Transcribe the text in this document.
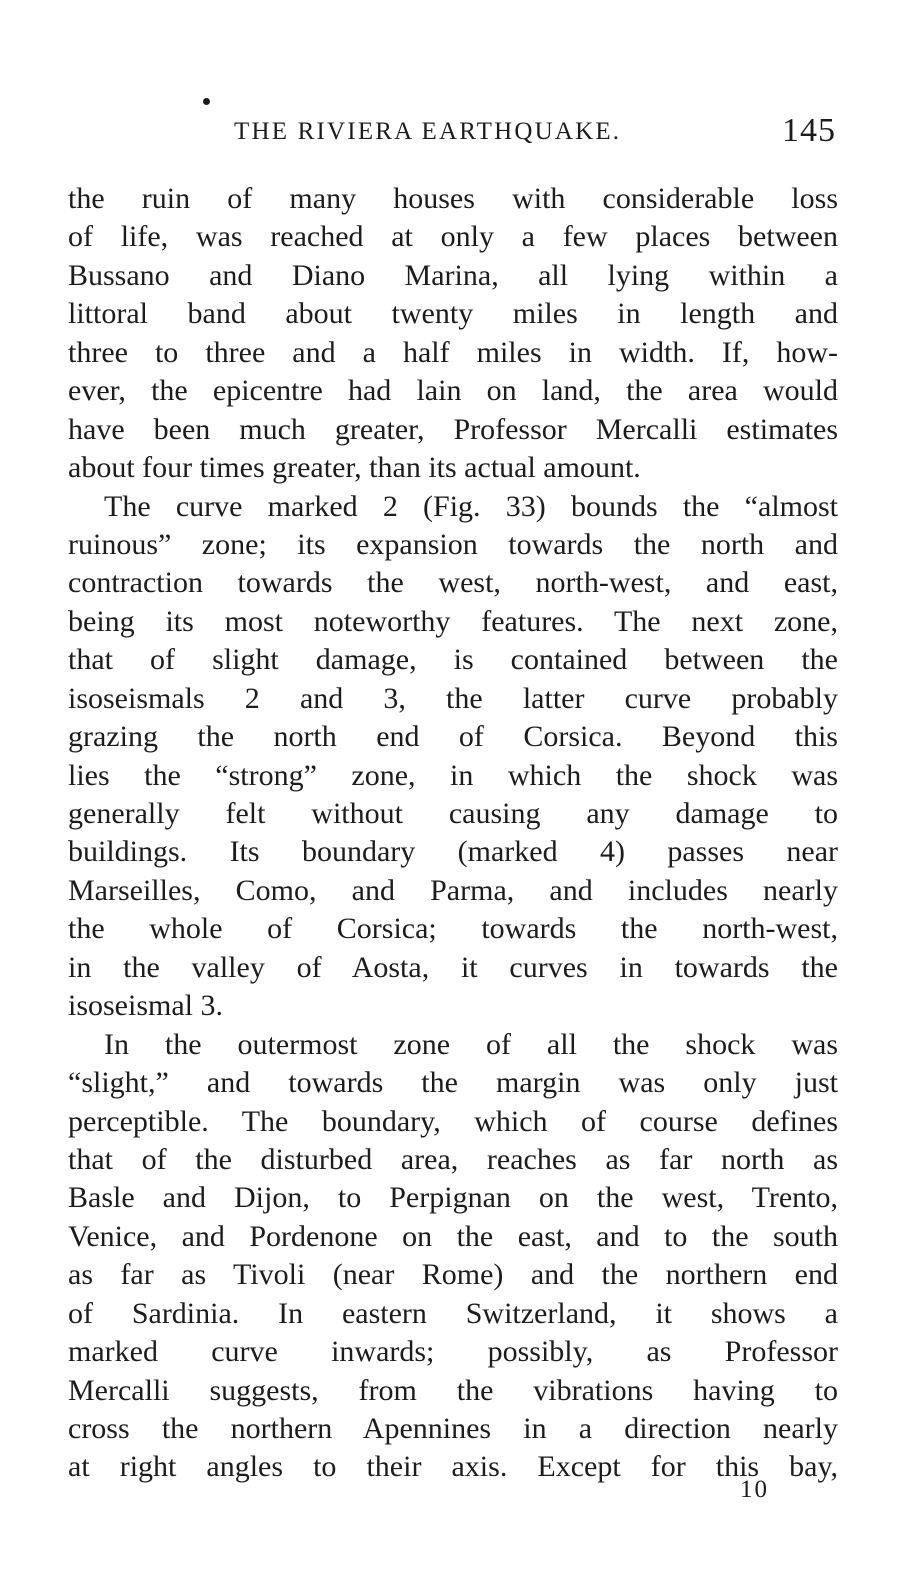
THE RIVIERA EARTHQUAKE.	145
the ruin of many houses with considerable loss
of life, was reached at only a few places between
Bussano and Diano Marina, all lying within a
littoral band about twenty miles in length and
three to three and a half miles in width. If, how-
ever, the epicentre had lain on land, the area would
have been much greater, Professor Mercalli estimates
about four times greater, than its actual amount.
The curve marked 2 (Fig. 33) bounds the “almost
ruinous” zone; its expansion towards the north and
contraction towards the west, north-west, and east,
being its most noteworthy features. The next zone,
that of slight damage, is contained between the
isoseismals 2 and 3, the latter curve probably
grazing the north end of Corsica. Beyond this
lies the “strong” zone, in which the shock was
generally felt without causing any damage to
buildings. Its boundary (marked 4) passes near
Marseilles, Como, and Parma, and includes nearly
the whole of Corsica; towards the north-west,
in the valley of Aosta, it curves in towards the
isoseismal 3.
In the outermost zone of all the shock was
“slight,” and towards the margin was only just
perceptible. The boundary, which of course defines
that of the disturbed area, reaches as far north as
Basle and Dijon, to Perpignan on the west, Trento,
Venice, and Pordenone on the east, and to the south
as far as Tivoli (near Rome) and the northern end
of Sardinia. In eastern Switzerland, it shows a
marked curve inwards; possibly, as Professor
Mercalli suggests, from the vibrations having to
cross the northern Apennines in a direction nearly
at right angles to their axis. Except for this bay,
10
